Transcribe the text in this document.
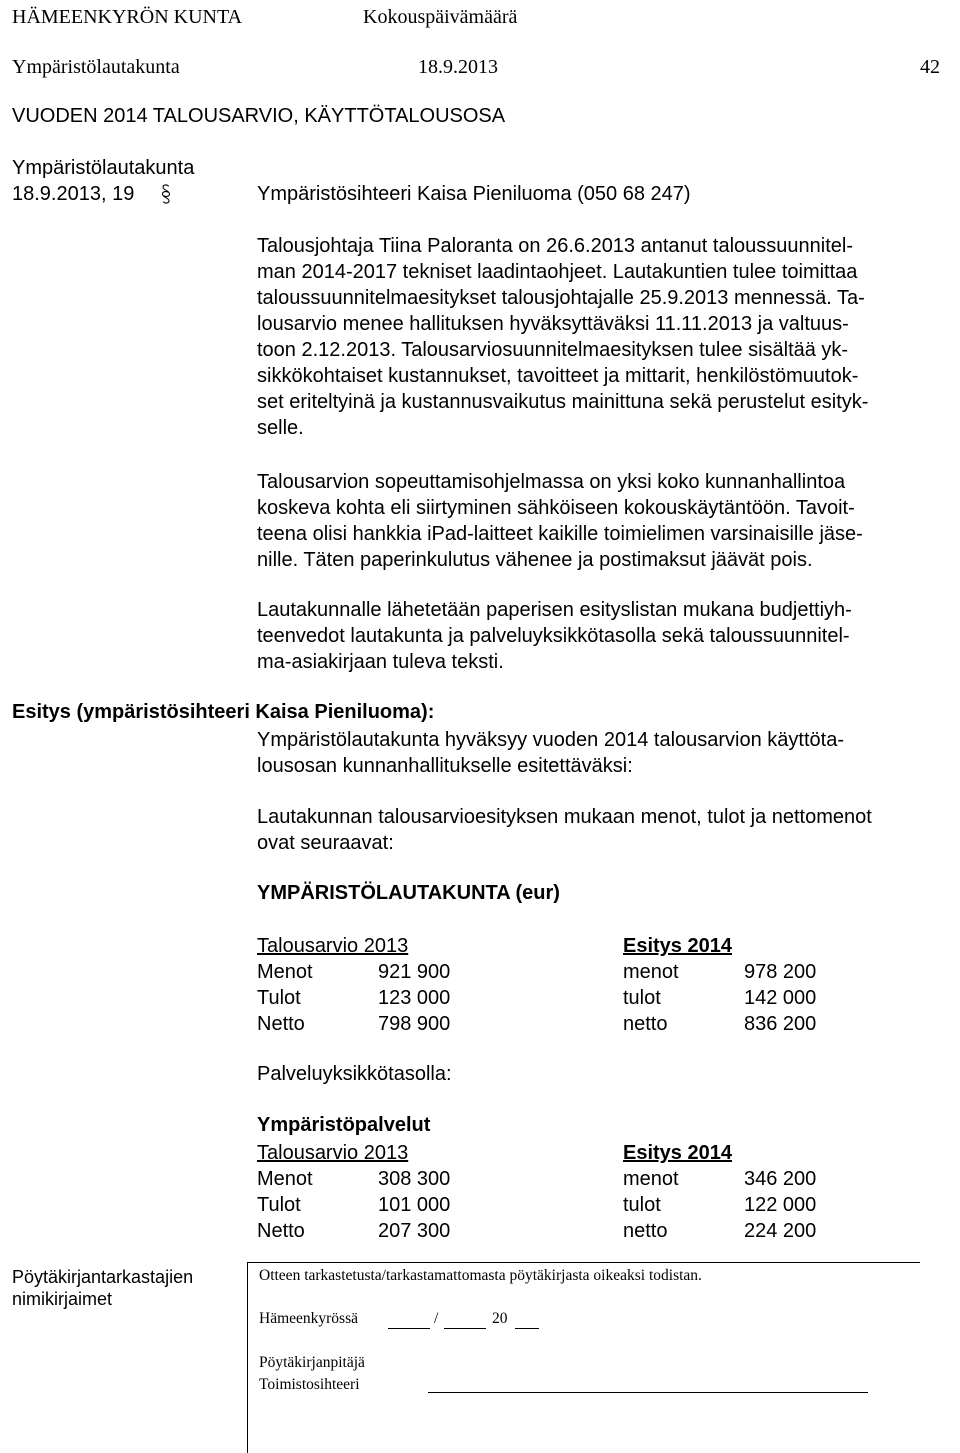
HÄMEENKYRÖN KUNTA	Kokouspäivämäärä
Ympäristölautakunta	18.9.2013	42
VUODEN 2014 TALOUSARVIO, KÄYTTÖTALOUSOSA
Ympäristölautakunta
18.9.2013, 19	Ympäristösihteeri Kaisa Pieniluoma (050 68 247)
Talousjohtaja Tiina Paloranta on 26.6.2013 antanut taloussuunnitel-
man 2014-2017 tekniset laadintaohjeet. Lautakuntien tulee toimittaa
taloussuunnitelmaesitykset talousjohtajalle 25.9.2013 mennessä. Ta-
lousarvio menee hallituksen hyväksyttäväksi 11.11.2013 ja valtuus-
toon 2.12.2013. Talousarviosuunnitelmaesityksen tulee sisältää yk-
sikkökohtaiset kustannukset, tavoitteet ja mittarit, henkilöstömuutok-
set eriteltyinä ja kustannusvaikutus mainittuna sekä perustelut esityk-
selle.
Talousarvion sopeuttamisohjelmassa on yksi koko kunnanhallintoa
koskeva kohta eli siirtyminen sähköiseen kokouskäytäntöön. Tavoit-
teena olisi hankkia iPad-laitteet kaikille toimielimen varsinaisille jäse-
nille. Täten paperinkulutus vähenee ja postimaksut jäävät pois.
Lautakunnalle lähetetään paperisen esityslistan mukana budjettiyh-
teenvedot lautakunta ja palveluyksikkötasolla sekä taloussuunnitel-
ma-asiakirjaan tuleva teksti.
Esitys (ympäristösihteeri Kaisa Pieniluoma):
Ympäristölautakunta hyväksyy vuoden 2014 talousarvion käyttöta-
lousosan kunnanhallitukselle esitettäväksi:
Lautakunnan talousarvioesityksen mukaan menot, tulot ja nettomenot
ovat seuraavat:
YMPÄRISTÖLAUTAKUNTA (eur)
Talousarvio 2013	Esitys 2014
Menot	921 900	menot	978 200
Tulot	123 000	tulot	142 000
Netto	798 900	netto	836 200
Palveluyksikkötasolla:
Ympäristöpalvelut
Talousarvio 2013	Esitys 2014
Menot	308 300	menot	346 200
Tulot	101 000	tulot	122 000
Netto	207 300	netto	224 200
Pöytäkirjantarkastajien
nimikirjaimet
Otteen tarkastetusta/tarkastamattomasta pöytäkirjasta oikeaksi todistan.
Hämeenkyrössä	/	20
Pöytäkirjanpitäjä
Toimistosihteeri
